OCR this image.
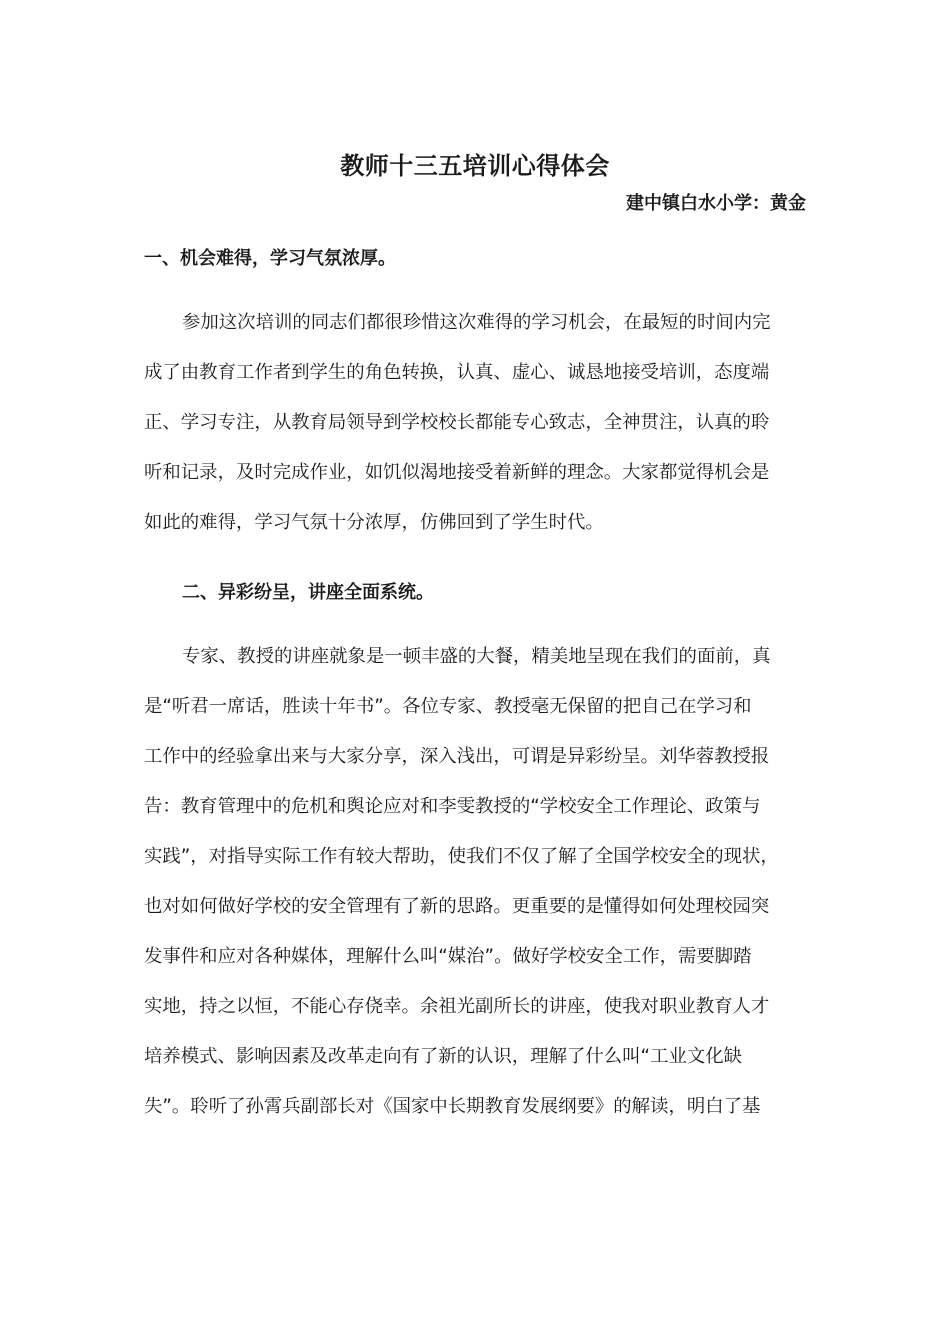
教师十三五培训心得体会
建中镇白水小学：黄金
一、机会难得，学习气氛浓厚。
参加这次培训的同志们都很珍惜这次难得的学习机会，在最短的时间内完
成了由教育工作者到学生的角色转换，认真、虚心、诚恳地接受培训，态度端
正、学习专注，从教育局领导到学校校长都能专心致志，全神贯注，认真的聆
听和记录，及时完成作业，如饥似渴地接受着新鲜的理念。大家都觉得机会是
如此的难得，学习气氛十分浓厚，仿佛回到了学生时代。
二、异彩纷呈，讲座全面系统。
专家、教授的讲座就象是一顿丰盛的大餐，精美地呈现在我们的面前，真
是“听君一席话，胜读十年书”。各位专家、教授毫无保留的把自己在学习和
工作中的经验拿出来与大家分享，深入浅出，可谓是异彩纷呈。刘华蓉教授报
告：教育管理中的危机和舆论应对和李雯教授的“学校安全工作理论、政策与
实践”，对指导实际工作有较大帮助，使我们不仅了解了全国学校安全的现状，
也对如何做好学校的安全管理有了新的思路。更重要的是懂得如何处理校园突
发事件和应对各种媒体，理解什么叫“媒治”。做好学校安全工作，需要脚踏
实地，持之以恒，不能心存侥幸。余祖光副所长的讲座，使我对职业教育人才
培养模式、影响因素及改革走向有了新的认识，理解了什么叫“工业文化缺
失”。聆听了孙霄兵副部长对《国家中长期教育发展纲要》的解读，明白了基
